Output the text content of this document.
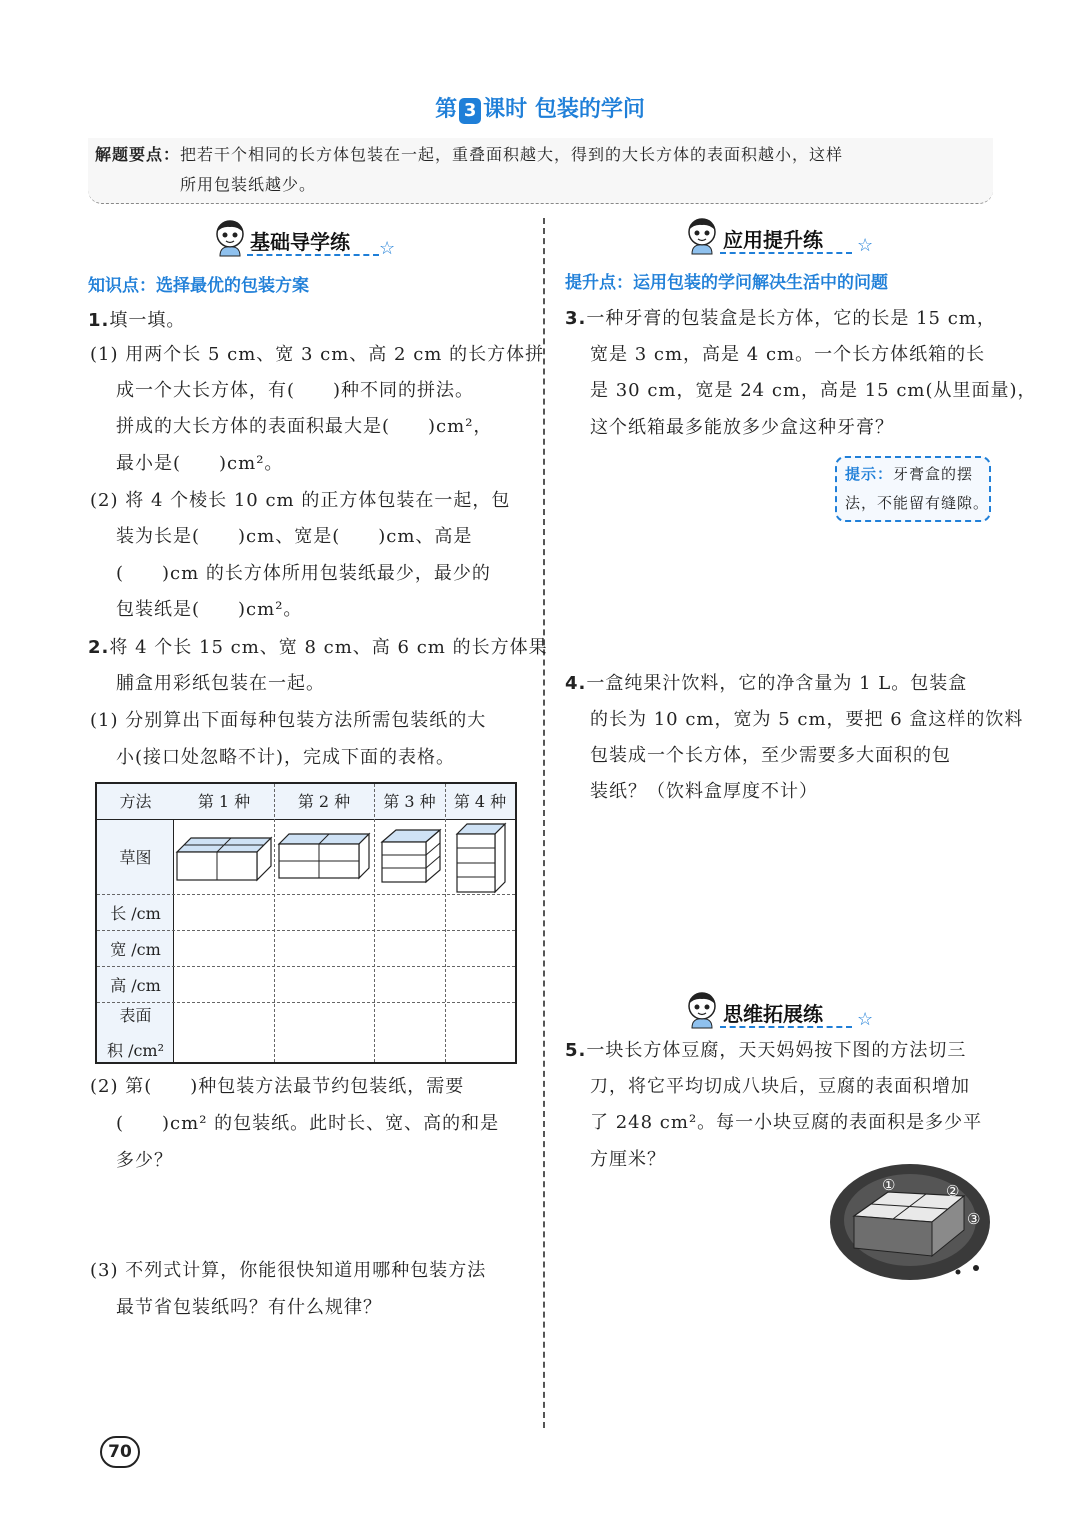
第 3 课时 包装的学问
解题要点：把若干个相同的长方体包装在一起，重叠面积越大，得到的大长方体的表面积越小，这样
所用包装纸越少。
基础导学练 ☆
知识点：选择最优的包装方案
1.填一填。
(1) 用两个长 5 cm、宽 3 cm、高 2 cm 的长方体拼
成一个大长方体，有(　　)种不同的拼法。
拼成的大长方体的表面积最大是(　　)cm²，
最小是(　　)cm²。
(2) 将 4 个棱长 10 cm 的正方体包装在一起，包
装为长是(　　)cm、宽是(　　)cm、高是
(　　)cm 的长方体所用包装纸最少，最少的
包装纸是(　　)cm²。
2.将 4 个长 15 cm、宽 8 cm、高 6 cm 的长方体果
脯盒用彩纸包装在一起。
(1) 分别算出下面每种包装方法所需包装纸的大
小(接口处忽略不计)，完成下面的表格。
方法	第 1 种	第 2 种	第 3 种	第 4 种
草图
长 /cm
宽 /cm
高 /cm
表面
积 /cm²
(2) 第(　　)种包装方法最节约包装纸，需要
(　　)cm² 的包装纸。此时长、宽、高的和是
多少？
(3) 不列式计算，你能很快知道用哪种包装方法
最节省包装纸吗？有什么规律？
应用提升练 ☆
提升点：运用包装的学问解决生活中的问题
3.一种牙膏的包装盒是长方体，它的长是 15 cm，
宽是 3 cm，高是 4 cm。一个长方体纸箱的长
是 30 cm，宽是 24 cm，高是 15 cm(从里面量)，
这个纸箱最多能放多少盒这种牙膏？
提示：牙膏盒的摆
法，不能留有缝隙。
4.一盒纯果汁饮料，它的净含量为 1 L。包装盒
的长为 10 cm，宽为 5 cm，要把 6 盒这样的饮料
包装成一个长方体，至少需要多大面积的包
装纸？（饮料盒厚度不计）
思维拓展练 ☆
5.一块长方体豆腐，天天妈妈按下图的方法切三
刀，将它平均切成八块后，豆腐的表面积增加
了 248 cm²。每一小块豆腐的表面积是多少平
方厘米？
①	②
③
70
